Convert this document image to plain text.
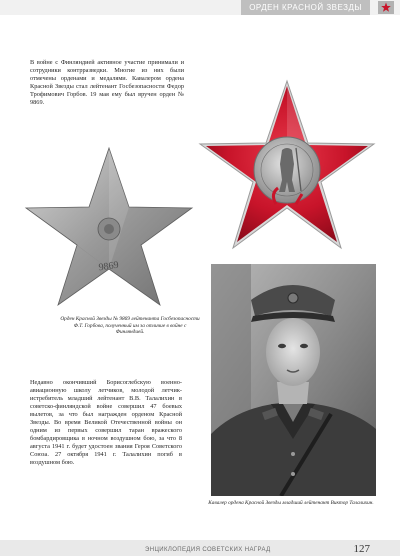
ОРДЕН КРАСНОЙ ЗВЕЗДЫ

В войне с Финляндией активное участие принимали и сотрудники контрразведки. Многие из них были отмечены орденами и медалями. Кавалером ордена Красной Звезды стал лейтенант Госбезопасности Федор Трофимович Горбов. 19 мая ему был вручен орден № 9869.

9869

Орден Красной Звезды № 9869 лейтенанта Госбезопасности Ф.Т. Горбова, полученный им за отличие в войне с Финляндией.

Кавалер ордена Красной Звезды младший лейтенант Виктор Талалихин.

Недавно окончивший Борисоглебскую военно-авиационную школу летчиков, молодой летчик-истребитель младший лейтенант В.В. Талалихин в советско-финляндской войне совершил 47 боевых вылетов, за что был награжден орденом Красной Звезды. Во время Великой Отечественной войны он одним из первых совершил таран вражеского бомбардировщика в ночном воздушном бою, за что 8 августа 1941 г. будет удостоен звания Героя Советского Союза. 27 октября 1941 г. Талалихин погиб в воздушном бою.

ЭНЦИКЛОПЕДИЯ СОВЕТСКИХ НАГРАД	127
